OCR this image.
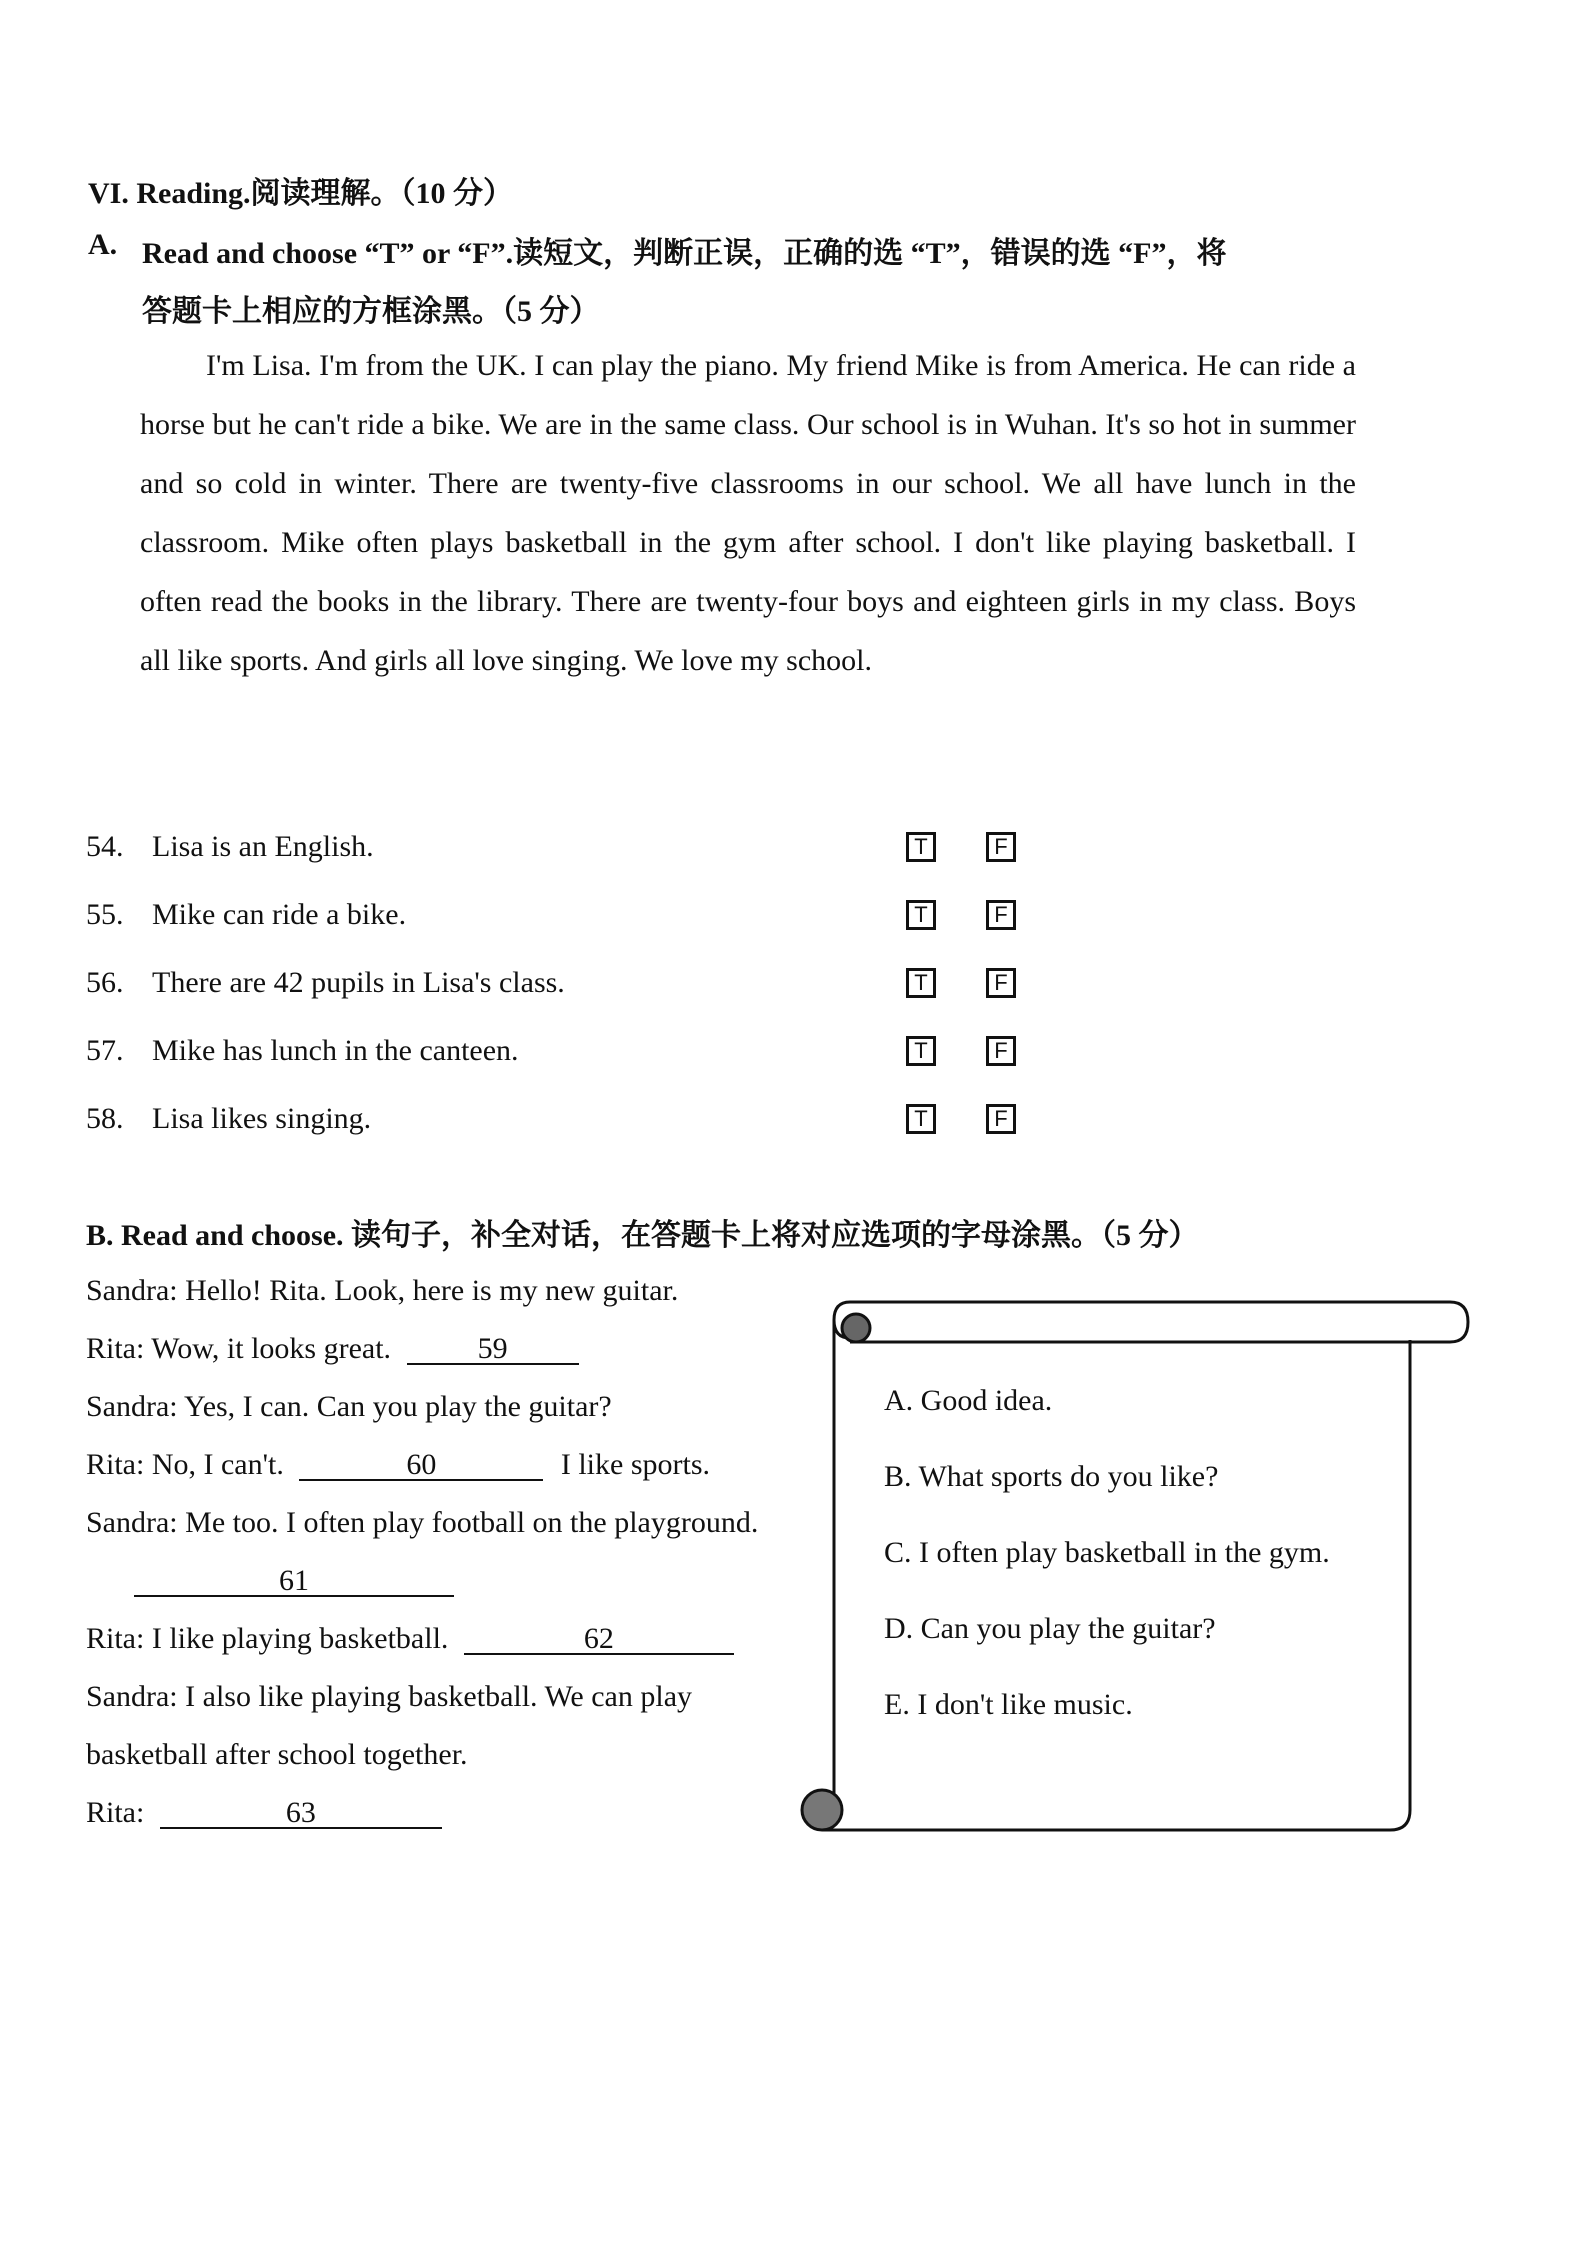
VI. Reading.阅读理解。（10 分）
A. Read and choose “T” or “F”.读短文，判断正误，正确的选 “T”，错误的选 “F”，将
答题卡上相应的方框涂黑。（5 分）
I'm Lisa. I'm from the UK. I can play the piano. My friend Mike is from America. He can ride a horse but he can't ride a bike. We are in the same class. Our school is in Wuhan. It's so hot in summer and so cold in winter. There are twenty-five classrooms in our school. We all have lunch in the classroom. Mike often plays basketball in the gym after school. I don't like playing basketball. I often read the books in the library. There are twenty-four boys and eighteen girls in my class. Boys all like sports. And girls all love singing. We love my school.
54. Lisa is an English.	T	F
55. Mike can ride a bike.	T	F
56. There are 42 pupils in Lisa's class.	T	F
57. Mike has lunch in the canteen.	T	F
58. Lisa likes singing.	T	F
B. Read and choose. 读句子，补全对话，在答题卡上将对应选项的字母涂黑。（5 分）
Sandra: Hello! Rita. Look, here is my new guitar.
Rita: Wow, it looks great.	59
Sandra: Yes, I can. Can you play the guitar?
Rita: No, I can't.	60	I like sports.
Sandra: Me too. I often play football on the playground.
61
Rita: I like playing basketball.	62
Sandra: I also like playing basketball. We can play
basketball after school together.
Rita:	63
A. Good idea.
B. What sports do you like?
C. I often play basketball in the gym.
D. Can you play the guitar?
E. I don't like music.
